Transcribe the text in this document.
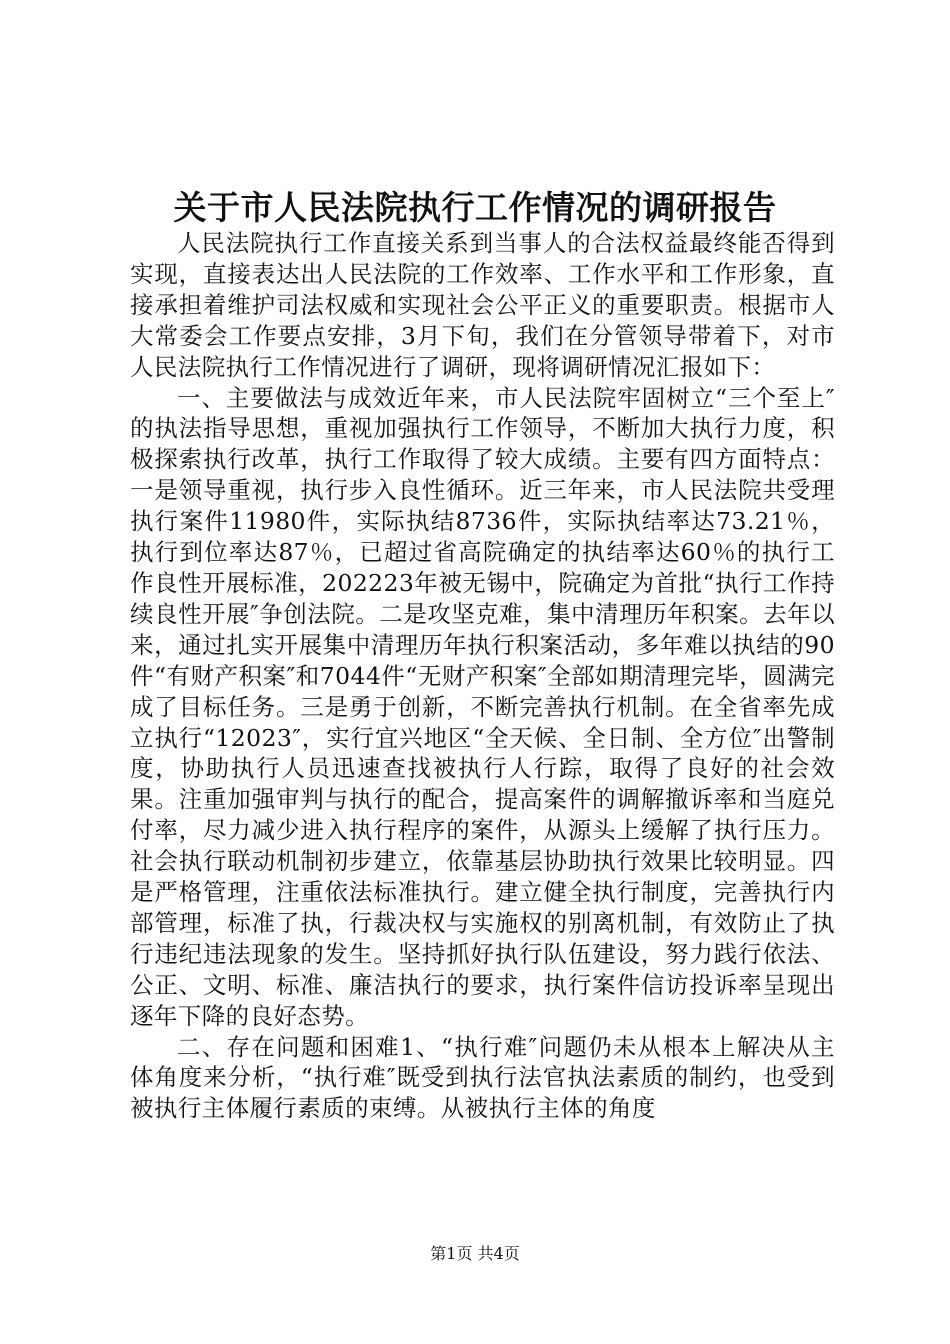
关于市人民法院执行工作情况的调研报告

人民法院执行工作直接关系到当事人的合法权益最终能否得到实现，直接表达出人民法院的工作效率、工作水平和工作形象，直接承担着维护司法权威和实现社会公平正义的重要职责。根据市人大常委会工作要点安排，3月下旬，我们在分管领导带着下，对市人民法院执行工作情况进行了调研，现将调研情况汇报如下：

一、主要做法与成效近年来，市人民法院牢固树立“三个至上″的执法指导思想，重视加强执行工作领导，不断加大执行力度，积极探索执行改革，执行工作取得了较大成绩。主要有四方面特点：一是领导重视，执行步入良性循环。近三年来，市人民法院共受理执行案件11980件，实际执结8736件，实际执结率达73.21％，执行到位率达87％，已超过省高院确定的执结率达60％的执行工作良性开展标准，202223年被无锡中，院确定为首批“执行工作持续良性开展″争创法院。二是攻坚克难，集中清理历年积案。去年以来，通过扎实开展集中清理历年执行积案活动，多年难以执结的90件“有财产积案″和7044件“无财产积案″全部如期清理完毕，圆满完成了目标任务。三是勇于创新，不断完善执行机制。在全省率先成立执行“12023″，实行宜兴地区“全天候、全日制、全方位″出警制度，协助执行人员迅速查找被执行人行踪，取得了良好的社会效果。注重加强审判与执行的配合，提高案件的调解撤诉率和当庭兑付率，尽力减少进入执行程序的案件，从源头上缓解了执行压力。社会执行联动机制初步建立，依靠基层协助执行效果比较明显。四是严格管理，注重依法标准执行。建立健全执行制度，完善执行内部管理，标准了执，行裁决权与实施权的别离机制，有效防止了执行违纪违法现象的发生。坚持抓好执行队伍建设，努力践行依法、公正、文明、标准、廉洁执行的要求，执行案件信访投诉率呈现出逐年下降的良好态势。

二、存在问题和困难1、“执行难″问题仍未从根本上解决从主体角度来分析，“执行难″既受到执行法官执法素质的制约，也受到被执行主体履行素质的束缚。从被执行主体的角度

第1页 共4页
